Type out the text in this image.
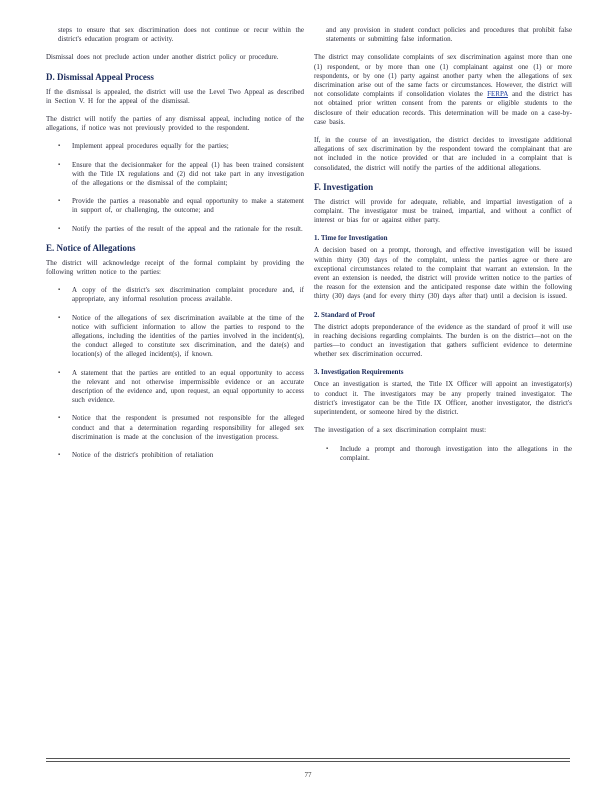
steps to ensure that sex discrimination does not continue or recur within the district's education program or activity.

Dismissal does not preclude action under another district policy or procedure.

D. Dismissal Appeal Process

If the dismissal is appealed, the district will use the Level Two Appeal as described in Section V. H for the appeal of the dismissal.

The district will notify the parties of any dismissal appeal, including notice of the allegations, if notice was not previously provided to the respondent.

▪ Implement appeal procedures equally for the parties;
▪ Ensure that the decisionmaker for the appeal (1) has been trained consistent with the Title IX regulations and (2) did not take part in any investigation of the allegations or the dismissal of the complaint;
▪ Provide the parties a reasonable and equal opportunity to make a statement in support of, or challenging, the outcome; and
▪ Notify the parties of the result of the appeal and the rationale for the result.
E. Notice of Allegations

The district will acknowledge receipt of the formal complaint by providing the following written notice to the parties:

▪ A copy of the district's sex discrimination complaint procedure and, if appropriate, any informal resolution process available.
▪ Notice of the allegations of sex discrimination available at the time of the notice with sufficient information to allow the parties to respond to the allegations, including the identities of the parties involved in the incident(s), the conduct alleged to constitute sex discrimination, and the date(s) and location(s) of the alleged incident(s), if known.
▪ A statement that the parties are entitled to an equal opportunity to access the relevant and not otherwise impermissible evidence or an accurate description of the evidence and, upon request, an equal opportunity to access such evidence.
▪ Notice that the respondent is presumed not responsible for the alleged conduct and that a determination regarding responsibility for alleged sex discrimination is made at the conclusion of the investigation process.
▪ Notice of the district's prohibition of retaliation

and any provision in student conduct policies and procedures that prohibit false statements or submitting false information.

The district may consolidate complaints of sex discrimination against more than one (1) respondent, or by more than one (1) complainant against one (1) or more respondents, or by one (1) party against another party when the allegations of sex discrimination arise out of the same facts or circumstances. However, the district will not consolidate complaints if consolidation violates the FERPA and the district has not obtained prior written consent from the parents or eligible students to the disclosure of their education records. This determination will be made on a case-by-case basis.

If, in the course of an investigation, the district decides to investigate additional allegations of sex discrimination by the respondent toward the complainant that are not included in the notice provided or that are included in a complaint that is consolidated, the district will notify the parties of the additional allegations.

F. Investigation

The district will provide for adequate, reliable, and impartial investigation of a complaint. The investigator must be trained, impartial, and without a conflict of interest or bias for or against either party.

1. Time for Investigation

A decision based on a prompt, thorough, and effective investigation will be issued within thirty (30) days of the complaint, unless the parties agree or there are exceptional circumstances related to the complaint that warrant an extension. In the event an extension is needed, the district will provide written notice to the parties of the reason for the extension and the anticipated response date within the following thirty (30) days (and for every thirty (30) days after that) until a decision is issued.

2. Standard of Proof

The district adopts preponderance of the evidence as the standard of proof it will use in reaching decisions regarding complaints. The burden is on the district—not on the parties—to conduct an investigation that gathers sufficient evidence to determine whether sex discrimination occurred.

3. Investigation Requirements

Once an investigation is started, the Title IX Officer will appoint an investigator(s) to conduct it. The investigators may be any properly trained investigator. The district's investigator can be the Title IX Officer, another investigator, the district's superintendent, or someone hired by the district.

The investigation of a sex discrimination complaint must:

▪ Include a prompt and thorough investigation into the allegations in the complaint.
77
